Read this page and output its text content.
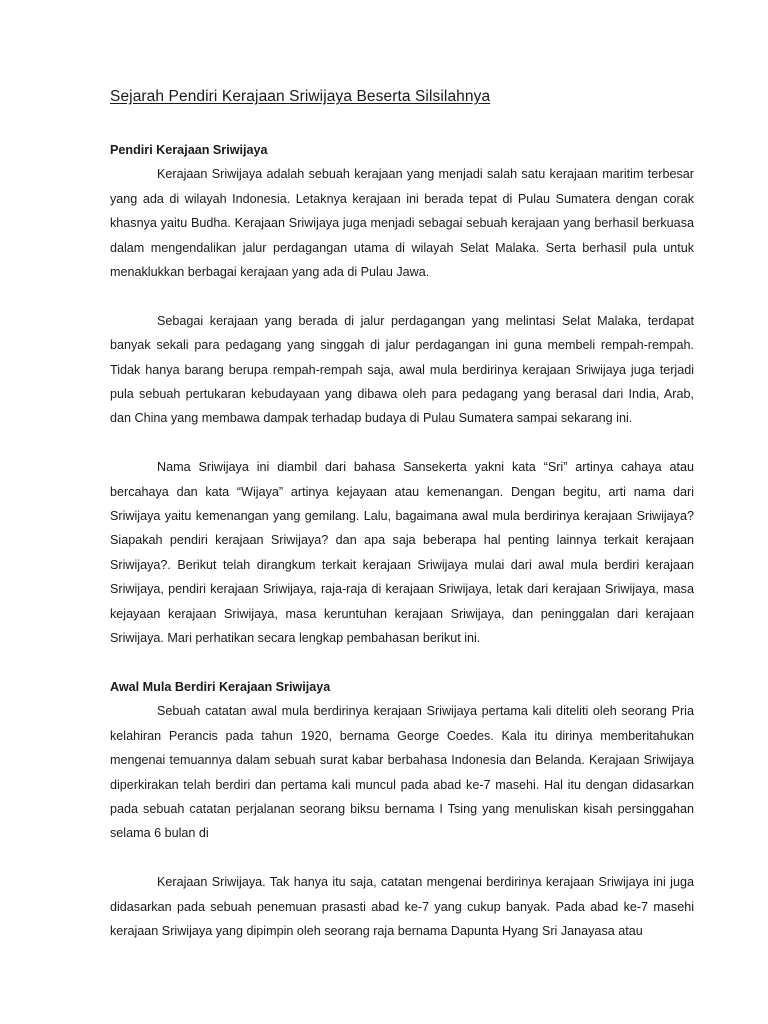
Sejarah Pendiri Kerajaan Sriwijaya Beserta Silsilahnya
Pendiri Kerajaan Sriwijaya

Kerajaan Sriwijaya adalah sebuah kerajaan yang menjadi salah satu kerajaan maritim terbesar yang ada di wilayah Indonesia. Letaknya kerajaan ini berada tepat di Pulau Sumatera dengan corak khasnya yaitu Budha. Kerajaan Sriwijaya juga menjadi sebagai sebuah kerajaan yang berhasil berkuasa dalam mengendalikan jalur perdagangan utama di wilayah Selat Malaka. Serta berhasil pula untuk menaklukkan berbagai kerajaan yang ada di Pulau Jawa.

Sebagai kerajaan yang berada di jalur perdagangan yang melintasi Selat Malaka, terdapat banyak sekali para pedagang yang singgah di jalur perdagangan ini guna membeli rempah-rempah. Tidak hanya barang berupa rempah-rempah saja, awal mula berdirinya kerajaan Sriwijaya juga terjadi pula sebuah pertukaran kebudayaan yang dibawa oleh para pedagang yang berasal dari India, Arab, dan China yang membawa dampak terhadap budaya di Pulau Sumatera sampai sekarang ini.

Nama Sriwijaya ini diambil dari bahasa Sansekerta yakni kata “Sri” artinya cahaya atau bercahaya dan kata “Wijaya” artinya kejayaan atau kemenangan. Dengan begitu, arti nama dari Sriwijaya yaitu kemenangan yang gemilang. Lalu, bagaimana awal mula berdirinya kerajaan Sriwijaya? Siapakah pendiri kerajaan Sriwijaya? dan apa saja beberapa hal penting lainnya terkait kerajaan Sriwijaya?. Berikut telah dirangkum terkait kerajaan Sriwijaya mulai dari awal mula berdiri kerajaan Sriwijaya, pendiri kerajaan Sriwijaya, raja-raja di kerajaan Sriwijaya, letak dari kerajaan Sriwijaya, masa kejayaan kerajaan Sriwijaya, masa keruntuhan kerajaan Sriwijaya, dan peninggalan dari kerajaan Sriwijaya. Mari perhatikan secara lengkap pembahasan berikut ini.

Awal Mula Berdiri Kerajaan Sriwijaya

Sebuah catatan awal mula berdirinya kerajaan Sriwijaya pertama kali diteliti oleh seorang Pria kelahiran Perancis pada tahun 1920, bernama George Coedes. Kala itu dirinya memberitahukan mengenai temuannya dalam sebuah surat kabar berbahasa Indonesia dan Belanda. Kerajaan Sriwijaya diperkirakan telah berdiri dan pertama kali muncul pada abad ke-7 masehi. Hal itu dengan didasarkan pada sebuah catatan perjalanan seorang biksu bernama I Tsing yang menuliskan kisah persinggahan selama 6 bulan di

Kerajaan Sriwijaya. Tak hanya itu saja, catatan mengenai berdirinya kerajaan Sriwijaya ini juga didasarkan pada sebuah penemuan prasasti abad ke-7 yang cukup banyak. Pada abad ke-7 masehi kerajaan Sriwijaya yang dipimpin oleh seorang raja bernama Dapunta Hyang Sri Janayasa atau
